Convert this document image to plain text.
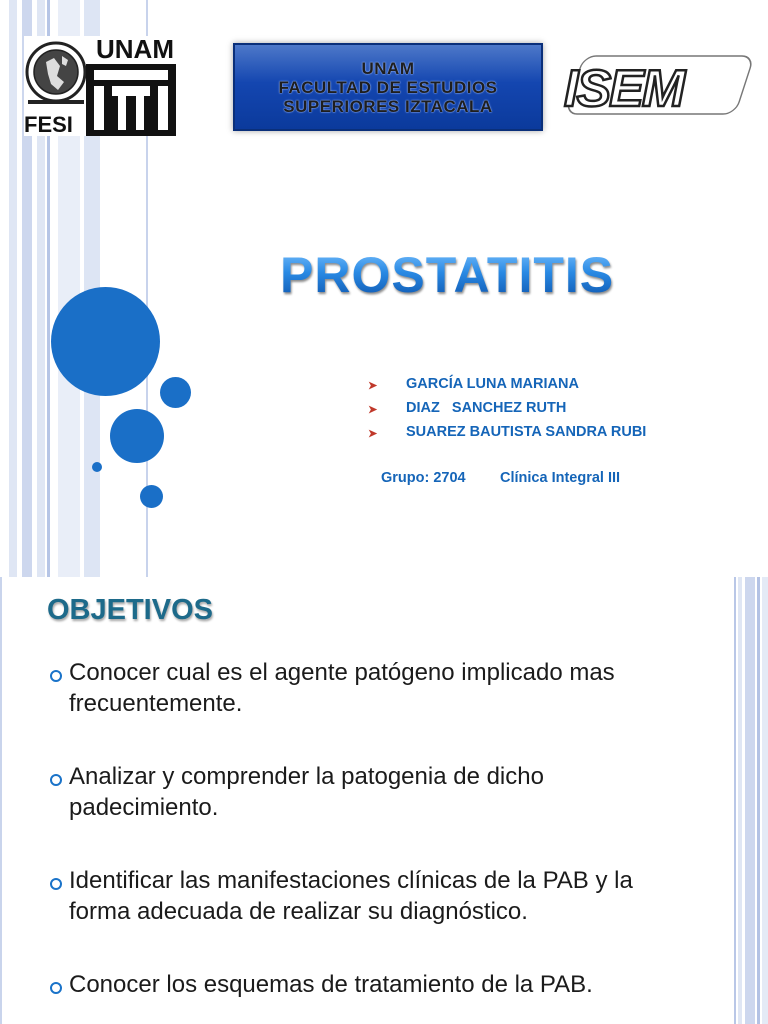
FESI
UNAM
UNAM
FACULTAD DE ESTUDIOS
SUPERIORES IZTACALA ISEM
PROSTATITIS
➤ GARCÍA LUNA MARIANA
➤ DIAZ   SANCHEZ RUTH
➤ SUAREZ BAUTISTA SANDRA RUBI
Grupo: 2704 Clínica Integral III
OBJETIVOS
Conocer cual es el agente patógeno implicado mas frecuentemente.
Analizar y comprender la patogenia de dicho padecimiento.
Identificar las manifestaciones clínicas de la PAB y la forma adecuada de realizar su diagnóstico.
Conocer los esquemas de tratamiento de la PAB.
